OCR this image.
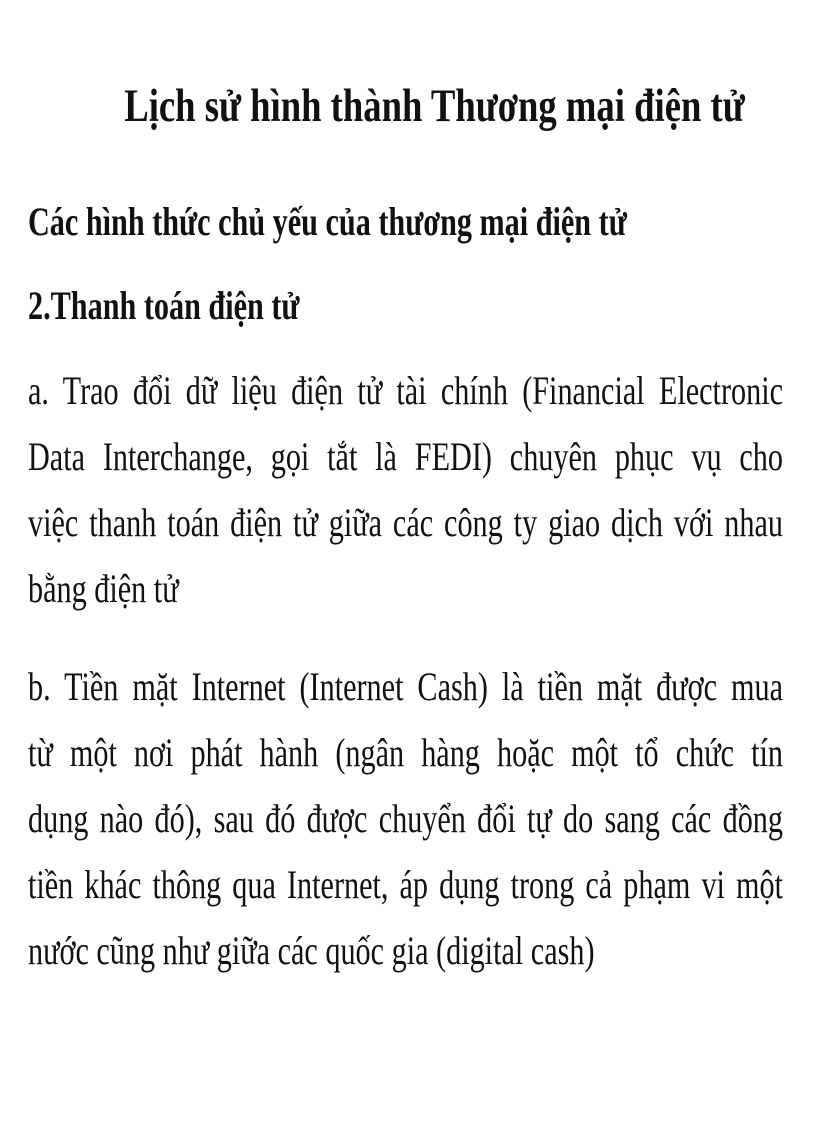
Lịch sử hình thành Thương mại điện tử
Các hình thức chủ yếu của thương mại điện tử
2.Thanh toán điện tử
a. Trao đổi dữ liệu điện tử tài chính (Financial Electronic
Data Interchange, gọi tắt là FEDI) chuyên phục vụ cho
việc thanh toán điện tử giữa các công ty giao dịch với nhau
bằng điện tử
b. Tiền mặt Internet (Internet Cash) là tiền mặt được mua
từ một nơi phát hành (ngân hàng hoặc một tổ chức tín
dụng nào đó), sau đó được chuyển đổi tự do sang các đồng
tiền khác thông qua Internet, áp dụng trong cả phạm vi một
nước cũng như giữa các quốc gia (digital cash)
